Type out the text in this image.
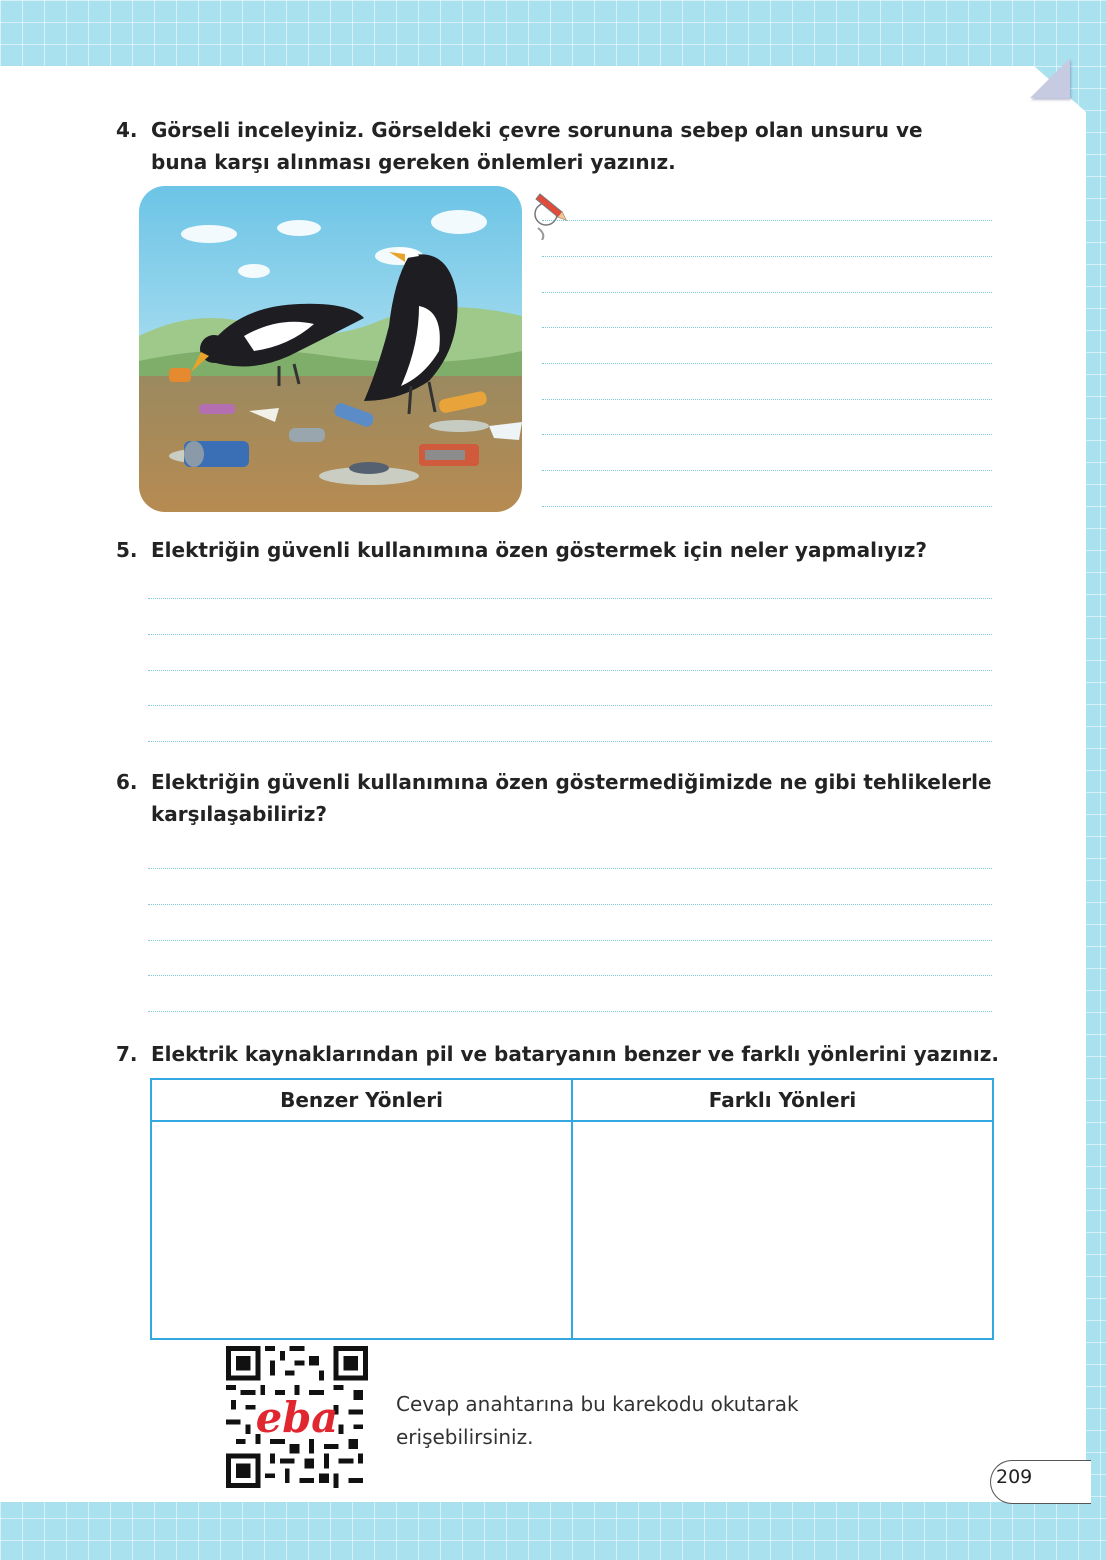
4. Görseli inceleyiniz. Görseldeki çevre sorununa sebep olan unsuru ve
buna karşı alınması gereken önlemleri yazınız.
5. Elektriğin güvenli kullanımına özen göstermek için neler yapmalıyız?
6. Elektriğin güvenli kullanımına özen göstermediğimizde ne gibi tehlikelerle
karşılaşabiliriz?
7. Elektrik kaynaklarından pil ve bataryanın benzer ve farklı yönlerini yazınız.
Benzer Yönleri	Farklı Yönleri

eba	Cevap anahtarına bu karekodu okutarak
erişebilirsiniz.
209
